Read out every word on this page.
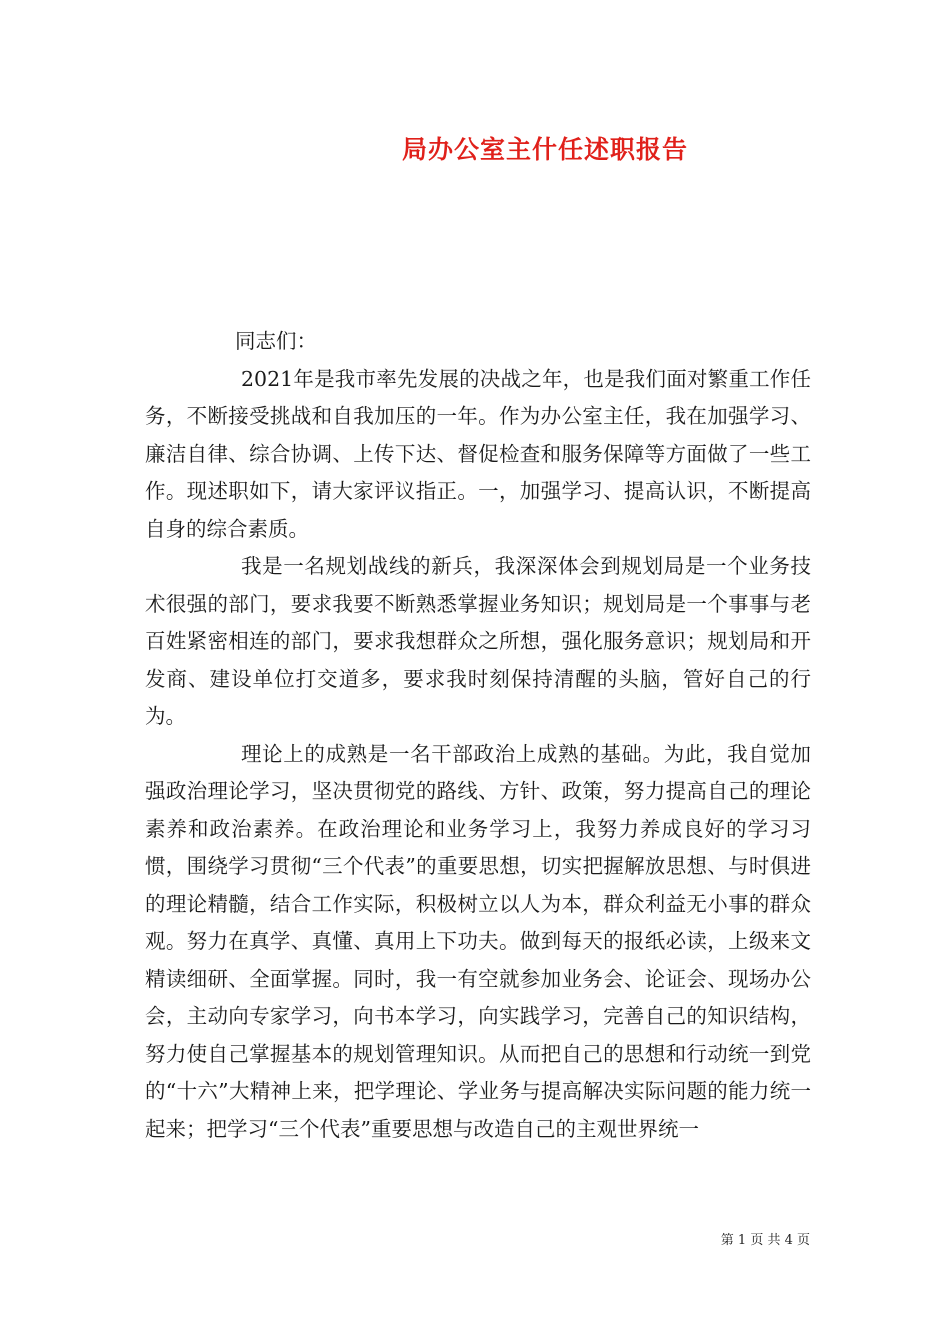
局办公室主什任述职报告

同志们：

2021年是我市率先发展的决战之年，也是我们面对繁重工作任务，不断接受挑战和自我加压的一年。作为办公室主任，我在加强学习、廉洁自律、综合协调、上传下达、督促检查和服务保障等方面做了一些工作。现述职如下，请大家评议指正。一，加强学习、提高认识，不断提高自身的综合素质。

我是一名规划战线的新兵，我深深体会到规划局是一个业务技术很强的部门，要求我要不断熟悉掌握业务知识；规划局是一个事事与老百姓紧密相连的部门，要求我想群众之所想，强化服务意识；规划局和开发商、建设单位打交道多，要求我时刻保持清醒的头脑，管好自己的行为。

理论上的成熟是一名干部政治上成熟的基础。为此，我自觉加强政治理论学习，坚决贯彻党的路线、方针、政策，努力提高自己的理论素养和政治素养。在政治理论和业务学习上，我努力养成良好的学习习惯，围绕学习贯彻“三个代表”的重要思想，切实把握解放思想、与时俱进的理论精髓，结合工作实际，积极树立以人为本，群众利益无小事的群众观。努力在真学、真懂、真用上下功夫。做到每天的报纸必读，上级来文精读细研、全面掌握。同时，我一有空就参加业务会、论证会、现场办公会，主动向专家学习，向书本学习，向实践学习，完善自己的知识结构，努力使自己掌握基本的规划管理知识。从而把自己的思想和行动统一到党的“十六”大精神上来，把学理论、学业务与提高解决实际问题的能力统一起来；把学习“三个代表”重要思想与改造自己的主观世界统一

第 1 页 共 4 页
